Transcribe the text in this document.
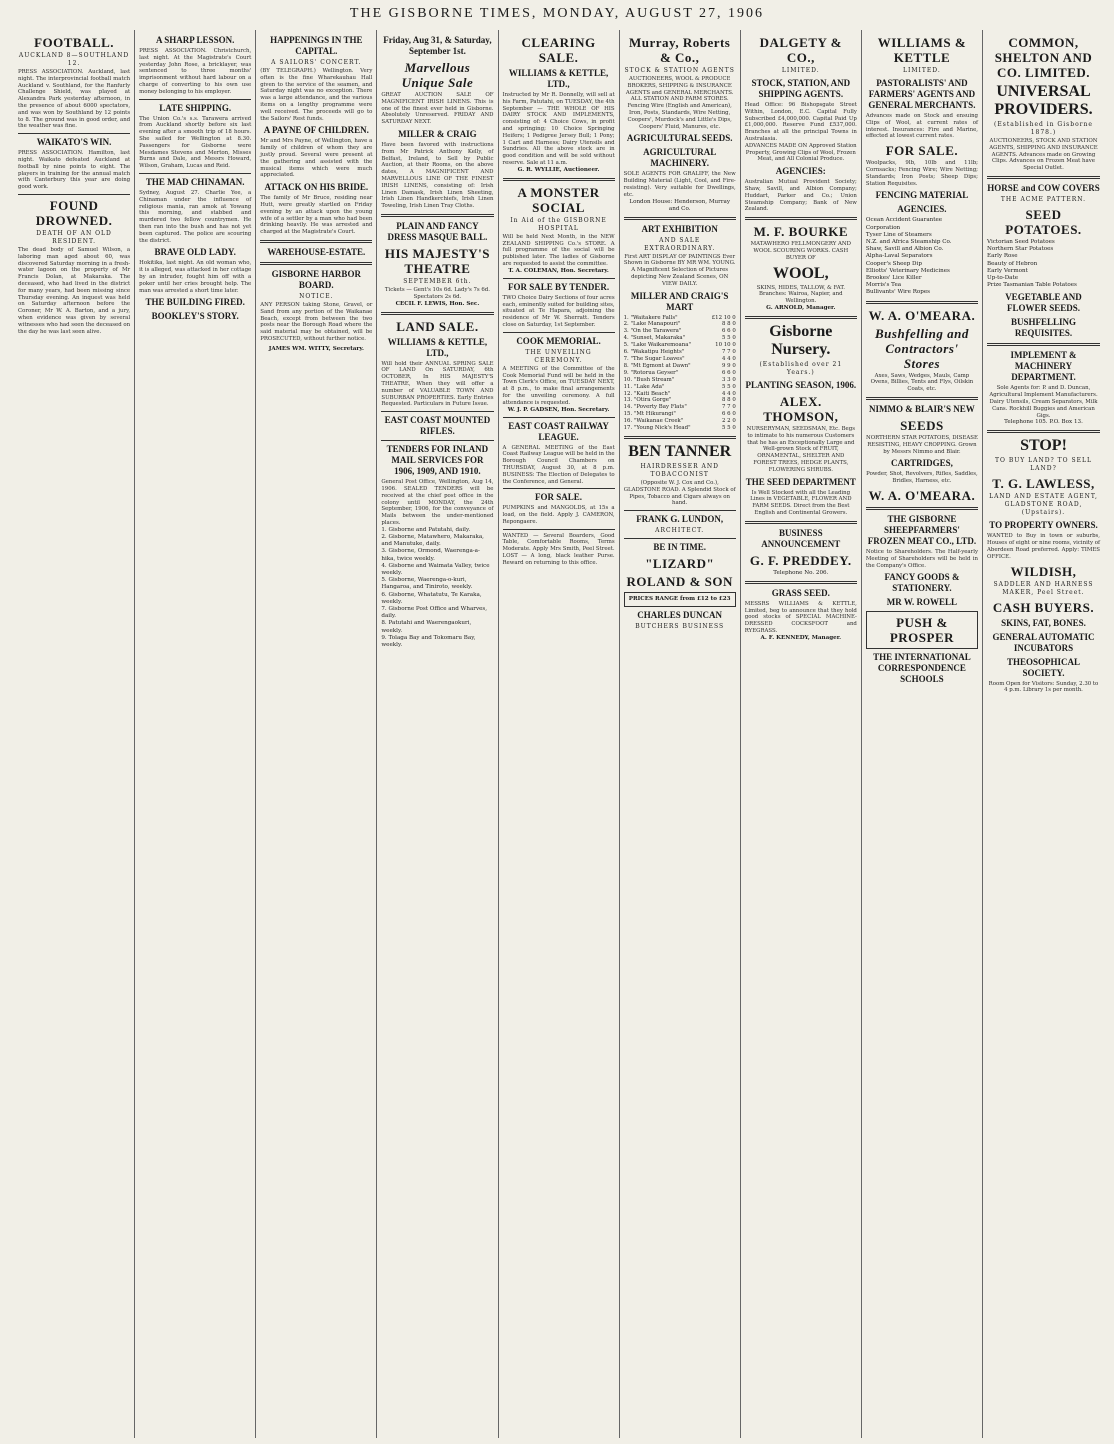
THE GISBORNE TIMES, MONDAY, AUGUST 27, 1906
FOOTBALL.
AUCKLAND 8—SOUTHLAND 12.
PRESS ASSOCIATION. Auckland, last night. The interprovincial football match Auckland v. Southland, for the Ranfurly Challenge Shield, was played at Alexandra Park yesterday afternoon, in the presence of about 6000 spectators, and was won by Southland by 12 points to 8. The ground was in good order, and the weather was fine.
WAIKATO'S WIN.
PRESS ASSOCIATION. Hamilton, last night. Waikato defeated Auckland at football by nine points to eight. The players in training for the annual match with Canterbury this year are doing good work.
FOUND DROWNED.
DEATH OF AN OLD RESIDENT.
The dead body of Samuel Wilson, a laboring man aged about 60, was discovered Saturday morning in a fresh-water lagoon on the property of Mr Francis Dolan, at Makaraka. The deceased, who had lived in the district for many years, had been missing since Thursday evening. An inquest was held on Saturday afternoon before the Coroner, Mr W. A. Barton, and a jury, when evidence was given by several witnesses who had seen the deceased on the day he was last seen alive.
A SHARP LESSON.
PRESS ASSOCIATION. Christchurch, last night. At the Magistrate's Court yesterday John Rose, a bricklayer, was sentenced to three months' imprisonment without hard labour on a charge of converting to his own use money belonging to his employer.
LATE SHIPPING.
The Union Co.'s s.s. Tarawera arrived from Auckland shortly before six last evening after a smooth trip of 18 hours. She sailed for Wellington at 8.30. Passengers for Gisborne were Mesdames Stevens and Merton, Misses Burns and Dale, and Messrs Howard, Wilson, Graham, Lucas and Reid.
THE MAD CHINAMAN.
Sydney, August 27. Charlie Yee, a Chinaman under the influence of religious mania, ran amok at Yowang this morning, and stabbed and murdered two fellow countrymen. He then ran into the bush and has not yet been captured. The police are scouring the district.
BRAVE OLD LADY.
Hokitika, last night. An old woman who, it is alleged, was attacked in her cottage by an intruder, fought him off with a poker until her cries brought help. The man was arrested a short time later.
THE BUILDING FIRED.
BOOKLEY'S STORY.
HAPPENINGS IN THE CAPITAL.
A SAILORS' CONCERT.
(BY TELEGRAPH.) Wellington. Very often is the fine Wharekauhau Hall given to the service of the seamen, and Saturday night was no exception. There was a large attendance, and the various items on a lengthy programme were well received. The proceeds will go to the Sailors' Rest funds.
A PAYNE OF CHILDREN.
Mr and Mrs Payne, of Wellington, have a family of children of whom they are justly proud. Several were present at the gathering and assisted with the musical items which were much appreciated.
ATTACK ON HIS BRIDE.
The family of Mr Bruce, residing near Hutt, were greatly startled on Friday evening by an attack upon the young wife of a settler by a man who had been drinking heavily. He was arrested and charged at the Magistrate's Court.
WAREHOUSE-ESTATE.
GISBORNE HARBOR BOARD.
NOTICE.
ANY PERSON taking Stone, Gravel, or Sand from any portion of the Waikanae Beach, except from between the two posts near the Borough Road where the said material may be obtained, will be PROSECUTED, without further notice.
JAMES WM. WITTY, Secretary.
Friday, Aug 31, & Saturday, September 1st.
Marvellous Unique Sale
GREAT AUCTION SALE OF MAGNIFICENT IRISH LINENS. This is one of the finest ever held in Gisborne. Absolutely Unreserved. FRIDAY AND SATURDAY NEXT.
MILLER & CRAIG
Have been favored with instructions from Mr Patrick Anthony Kelly, of Belfast, Ireland, to Sell by Public Auction, at their Rooms, on the above dates, A MAGNIFICENT AND MARVELLOUS LINE OF THE FINEST IRISH LINENS, consisting of: Irish Linen Damask, Irish Linen Sheeting, Irish Linen Handkerchiefs, Irish Linen Toweling, Irish Linen Tray Cloths.
PLAIN AND FANCY DRESS MASQUE BALL.
HIS MAJESTY'S THEATRE
SEPTEMBER 6th.
Tickets — Gent's 10s 6d. Lady's 7s 6d. Spectators 2s 6d.
CECIL F. LEWIS, Hon. Sec.
LAND SALE.
WILLIAMS & KETTLE, LTD.,
Will hold their ANNUAL SPRING SALE OF LAND On SATURDAY, 6th OCTOBER, In HIS MAJESTY'S THEATRE, When they will offer a number of VALUABLE TOWN AND SUBURBAN PROPERTIES. Early Entries Requested. Particulars in Future Issue.
EAST COAST MOUNTED RIFLES.
TENDERS FOR INLAND MAIL SERVICES FOR 1906, 1909, AND 1910.
General Post Office, Wellington, Aug 14, 1906. SEALED TENDERS will be received at the chief post office in the colony until MONDAY, the 24th September, 1906, for the conveyance of Mails between the under-mentioned places.
1. Gisborne and Patutahi, daily.
2. Gisborne, Matawhero, Makaraka, and Manutuke, daily.
3. Gisborne, Ormond, Waerenga-a-hika, twice weekly.
4. Gisborne and Waimata Valley, twice weekly.
5. Gisborne, Waerenga-o-kuri, Hangaroa, and Tiniroto, weekly.
6. Gisborne, Whatatutu, Te Karaka, weekly.
7. Gisborne Post Office and Wharves, daily.
8. Patutahi and Waerengaokuri, weekly.
9. Tolaga Bay and Tokomaru Bay, weekly.
CLEARING SALE.
WILLIAMS & KETTLE, LTD.,
Instructed by Mr R. Donnelly, will sell at his Farm, Patutahi, on TUESDAY, the 4th September — THE WHOLE OF HIS DAIRY STOCK AND IMPLEMENTS, consisting of: 4 Choice Cows, in profit and springing; 10 Choice Springing Heifers; 1 Pedigree Jersey Bull; 1 Pony; 1 Cart and Harness; Dairy Utensils and Sundries. All the above stock are in good condition and will be sold without reserve. Sale at 11 a.m.
G. R. WYLLIE, Auctioneer.
A MONSTER SOCIAL
In Aid of the GISBORNE HOSPITAL
Will be held Next Month, in the NEW ZEALAND SHIPPING Co.'s STORE. A full programme of the social will be published later. The ladies of Gisborne are requested to assist the committee.
T. A. COLEMAN, Hon. Secretary.
FOR SALE BY TENDER.
TWO Choice Dairy Sections of four acres each, eminently suited for building sites, situated at Te Hapara, adjoining the residence of Mr W. Sherratt. Tenders close on Saturday, 1st September.
COOK MEMORIAL.
THE UNVEILING CEREMONY.
A MEETING of the Committee of the Cook Memorial Fund will be held in the Town Clerk's Office, on TUESDAY NEXT, at 8 p.m., to make final arrangements for the unveiling ceremony. A full attendance is requested.
W. J. P. GADSEN, Hon. Secretary.
EAST COAST RAILWAY LEAGUE.
A GENERAL MEETING of the East Coast Railway League will be held in the Borough Council Chambers on THURSDAY, August 30, at 8 p.m. BUSINESS: The Election of Delegates to the Conference, and General.
FOR SALE.
PUMPKINS and MANGOLDS, at 15s a load, on the field. Apply J. CAMERON, Repongaere.
WANTED — Several Boarders, Good Table, Comfortable Rooms, Terms Moderate. Apply Mrs Smith, Peel Street. LOST — A long, black leather Purse. Reward on returning to this office.
Murray, Roberts & Co.,
STOCK & STATION AGENTS
AUCTIONEERS, WOOL & PRODUCE BROKERS, SHIPPING & INSURANCE AGENTS and GENERAL MERCHANTS. ALL STATION AND FARM STORES. Fencing Wire (English and American), Iron, Posts, Standards, Wire Netting, Coopers', Murdock's and Little's Dips, Coopers' Fluid, Manures, etc.
AGRICULTURAL SEEDS.
AGRICULTURAL MACHINERY.
SOLE AGENTS FOR GRALIFF, the New Building Material (Light, Cool, and Fire-resisting). Very suitable for Dwellings, etc.
London House: Henderson, Murray and Co.
ART EXHIBITION
AND SALE EXTRAORDINARY.
First ART DISPLAY OF PAINTINGS Ever Shown in Gisborne BY MR WM. YOUNG. A Magnificent Selection of Pictures depicting New Zealand Scenes, ON VIEW DAILY.
MILLER AND CRAIG'S MART
1. "Waitakere Falls"	£12 10 0
2. "Lake Manapouri"	8 8 0
3. "On the Tarawera"	6 6 0
4. "Sunset, Makaraka"	5 5 0
5. "Lake Waikaremoana"	10 10 0
6. "Wakatipu Heights"	7 7 0
7. "The Sugar Loaves"	4 4 0
8. "Mt Egmont at Dawn"	9 9 0
9. "Rotorua Geyser"	6 6 0
10. "Bush Stream"	3 3 0
11. "Lake Ada"	5 5 0
12. "Kaiti Beach"	4 4 0
13. "Otira Gorge"	8 8 0
14. "Poverty Bay Flats"	7 7 0
15. "Mt Hikurangi"	6 6 0
16. "Waikanae Creek"	2 2 0
17. "Young Nick's Head"	5 5 0
BEN TANNER
HAIRDRESSER AND TOBACCONIST
(Opposite W. J. Cox and Co.), GLADSTONE ROAD. A Splendid Stock of Pipes, Tobacco and Cigars always on hand.
FRANK G. LUNDON,
ARCHITECT.
BE IN TIME.
"LIZARD"
ROLAND & SON
PRICES RANGE from £12 to £23
CHARLES DUNCAN
BUTCHERS BUSINESS
DALGETY & CO.,
LIMITED.
STOCK, STATION, AND SHIPPING AGENTS.
Head Office: 96 Bishopsgate Street Within, London, E.C. Capital Fully Subscribed £4,000,000. Capital Paid Up £1,000,000. Reserve Fund £537,000. Branches at all the principal Towns in Australasia.
ADVANCES MADE ON Approved Station Property, Growing Clips of Wool, Frozen Meat, and All Colonial Produce.
AGENCIES:
Australian Mutual Provident Society; Shaw, Savill, and Albion Company; Huddart, Parker and Co.; Union Steamship Company; Bank of New Zealand.
M. F. BOURKE
MATAWHERO FELLMONGERY AND WOOL SCOURING WORKS. CASH BUYER OF
WOOL,
SKINS, HIDES, TALLOW, & FAT. Branches: Wairoa, Napier, and Wellington.
G. ARNOLD, Manager.
Gisborne Nursery.
(Established over 21 Years.)
PLANTING SEASON, 1906.
ALEX. THOMSON,
NURSERYMAN, SEEDSMAN, Etc. Begs to intimate to his numerous Customers that he has an Exceptionally Large and Well-grown Stock of FRUIT, ORNAMENTAL, SHELTER AND FOREST TREES, HEDGE PLANTS, FLOWERING SHRUBS.
THE SEED DEPARTMENT
Is Well Stocked with all the Leading Lines in VEGETABLE, FLOWER AND FARM SEEDS. Direct from the Best English and Continental Growers.
BUSINESS ANNOUNCEMENT
G. F. PREDDEY.
Telephone No. 206.
GRASS SEED.
MESSRS WILLIAMS & KETTLE, Limited, beg to announce that they hold good stocks of SPECIAL MACHINE-DRESSED COCKSFOOT and RYEGRASS.
A. F. KENNEDY, Manager.
WILLIAMS & KETTLE
LIMITED.
PASTORALISTS' AND FARMERS' AGENTS AND GENERAL MERCHANTS.
Advances made on Stock and ensuing Clips of Wool, at current rates of interest. Insurances: Fire and Marine, effected at lowest current rates.
FOR SALE.
Woolpacks, 9lb, 10lb and 11lb; Cornsacks; Fencing Wire; Wire Netting; Standards; Iron Posts; Sheep Dips; Station Requisites.
FENCING MATERIAL
AGENCIES.
Ocean Accident Guarantee Corporation
Tyser Line of Steamers
N.Z. and Africa Steamship Co.
Shaw, Savill and Albion Co.
Alpha-Laval Separators
Cooper's Sheep Dip
Elliotts' Veterinary Medicines
Brookes' Lice Killer
Morris's Tea
Bullivants' Wire Ropes
W. A. O'MEARA.
Bushfelling and Contractors' Stores
Axes, Saws, Wedges, Mauls, Camp Ovens, Billies, Tents and Flys, Oilskin Coats, etc.
NIMMO & BLAIR'S NEW
SEEDS
NORTHERN STAR POTATOES, DISEASE RESISTING, HEAVY CROPPING. Grown by Messrs Nimmo and Blair.
CARTRIDGES,
Powder, Shot, Revolvers, Rifles, Saddles, Bridles, Harness, etc.
W. A. O'MEARA.
THE GISBORNE SHEEPFARMERS' FROZEN MEAT CO., LTD.
Notice to Shareholders. The Half-yearly Meeting of Shareholders will be held in the Company's Office.
FANCY GOODS & STATIONERY.
MR W. ROWELL
PUSH & PROSPER
THE INTERNATIONAL CORRESPONDENCE SCHOOLS
COMMON, SHELTON AND CO. LIMITED.
UNIVERSAL PROVIDERS.
(Established in Gisborne 1878.)
AUCTIONEERS, STOCK AND STATION AGENTS, SHIPPING AND INSURANCE AGENTS. Advances made on Growing Clips. Advances on Frozen Meat have Special Outlet.
HORSE and COW COVERS
THE ACME PATTERN.
SEED POTATOES.
Victorian Seed Potatoes
Northern Star Potatoes
Early Rose
Beauty of Hebron
Early Vermont
Up-to-Date
Prize Tasmanian Table Potatoes
VEGETABLE AND FLOWER SEEDS.
BUSHFELLING REQUISITES.
IMPLEMENT & MACHINERY DEPARTMENT.
Sole Agents for: P. and D. Duncan, Agricultural Implement Manufacturers. Dairy Utensils, Cream Separators, Milk Cans. Rockhill Buggies and American Gigs.
Telephone 105. P.O. Box 13.
STOP!
TO BUY LAND? TO SELL LAND?
T. G. LAWLESS,
LAND AND ESTATE AGENT, GLADSTONE ROAD, (Upstairs).
TO PROPERTY OWNERS.
WANTED to Buy in town or suburbs, Houses of eight or nine rooms, vicinity of Aberdeen Road preferred. Apply: TIMES OFFICE.
WILDISH,
SADDLER AND HARNESS MAKER, Peel Street.
CASH BUYERS.
SKINS, FAT, BONES.
GENERAL AUTOMATIC INCUBATORS
THEOSOPHICAL SOCIETY.
Room Open for Visitors: Sunday, 2.30 to 4 p.m. Library 1s per month.
